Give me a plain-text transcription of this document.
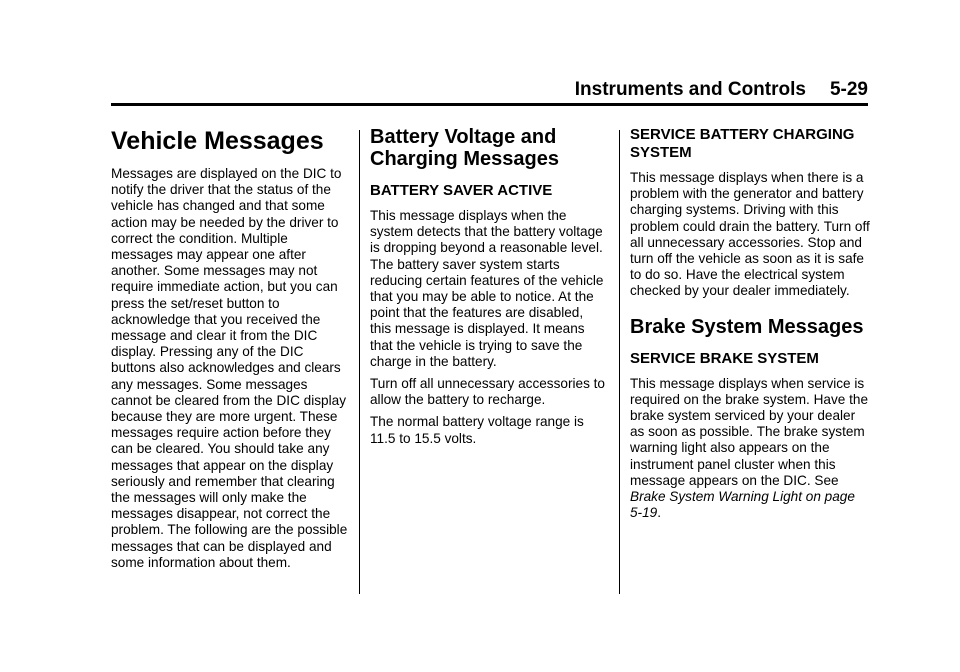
Instruments and Controls 5-29
Vehicle Messages

Messages are displayed on the DIC to notify the driver that the status of the vehicle has changed and that some action may be needed by the driver to correct the condition. Multiple messages may appear one after another. Some messages may not require immediate action, but you can press the set/reset button to acknowledge that you received the message and clear it from the DIC display. Pressing any of the DIC buttons also acknowledges and clears any messages. Some messages cannot be cleared from the DIC display because they are more urgent. These messages require action before they can be cleared. You should take any messages that appear on the display seriously and remember that clearing the messages will only make the messages disappear, not correct the problem. The following are the possible messages that can be displayed and some information about them.

Battery Voltage and Charging Messages
BATTERY SAVER ACTIVE

This message displays when the system detects that the battery voltage is dropping beyond a reasonable level. The battery saver system starts reducing certain features of the vehicle that you may be able to notice. At the point that the features are disabled, this message is displayed. It means that the vehicle is trying to save the charge in the battery.

Turn off all unnecessary accessories to allow the battery to recharge.

The normal battery voltage range is 11.5 to 15.5 volts.

SERVICE BATTERY CHARGING SYSTEM

This message displays when there is a problem with the generator and battery charging systems. Driving with this problem could drain the battery. Turn off all unnecessary accessories. Stop and turn off the vehicle as soon as it is safe to do so. Have the electrical system checked by your dealer immediately.

Brake System Messages
SERVICE BRAKE SYSTEM

This message displays when service is required on the brake system. Have the brake system serviced by your dealer as soon as possible. The brake system warning light also appears on the instrument panel cluster when this message appears on the DIC. See Brake System Warning Light on page 5-19.
